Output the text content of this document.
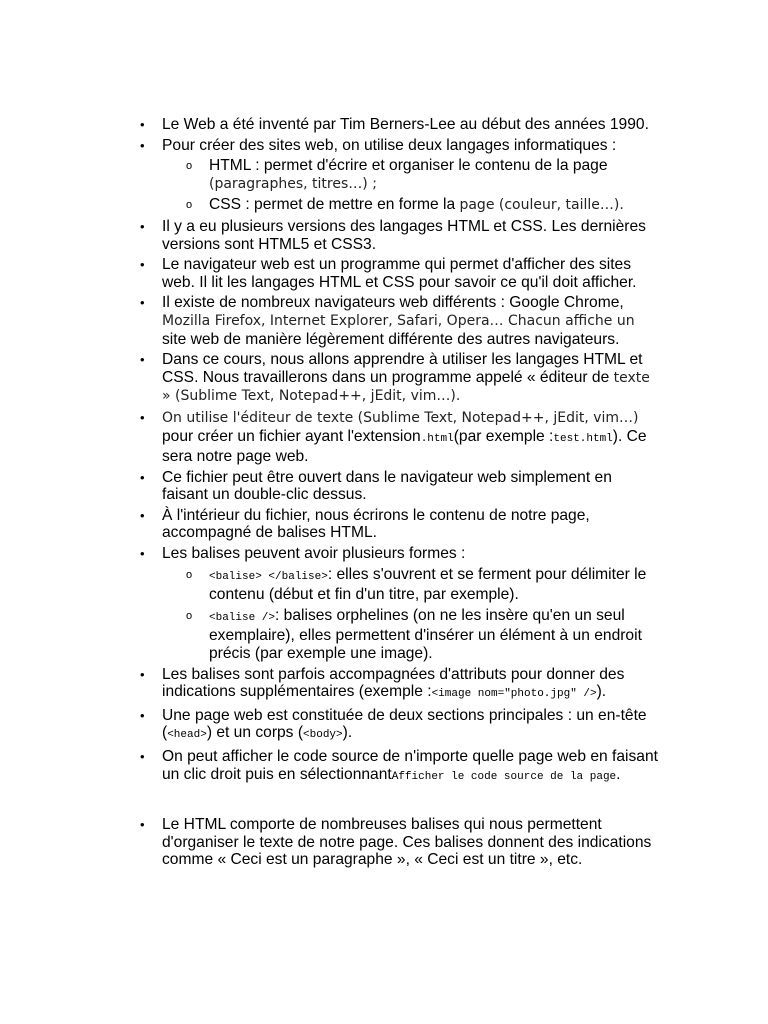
• Le Web a été inventé par Tim Berners-Lee au début des années 1990.
• Pour créer des sites web, on utilise deux langages informatiques :
o HTML : permet d'écrire et organiser le contenu de la page (paragraphes, titres…) ;
o CSS : permet de mettre en forme la page (couleur, taille…).
• Il y a eu plusieurs versions des langages HTML et CSS. Les dernières versions sont HTML5 et CSS3.
• Le navigateur web est un programme qui permet d'afficher des sites web. Il lit les langages HTML et CSS pour savoir ce qu'il doit afficher.
• Il existe de nombreux navigateurs web différents : Google Chrome, Mozilla Firefox, Internet Explorer, Safari, Opera… Chacun affiche un site web de manière légèrement différente des autres navigateurs.
• Dans ce cours, nous allons apprendre à utiliser les langages HTML et CSS. Nous travaillerons dans un programme appelé « éditeur de texte » (Sublime Text, Notepad++, jEdit, vim…).
• On utilise l'éditeur de texte (Sublime Text, Notepad++, jEdit, vim…) pour créer un fichier ayant l'extension.html(par exemple :test.html). Ce sera notre page web.
• Ce fichier peut être ouvert dans le navigateur web simplement en faisant un double-clic dessus.
• À l'intérieur du fichier, nous écrirons le contenu de notre page, accompagné de balises HTML.
• Les balises peuvent avoir plusieurs formes :
o <balise> </balise>: elles s'ouvrent et se ferment pour délimiter le contenu (début et fin d'un titre, par exemple).
o <balise />: balises orphelines (on ne les insère qu'en un seul exemplaire), elles permettent d'insérer un élément à un endroit précis (par exemple une image).
• Les balises sont parfois accompagnées d'attributs pour donner des indications supplémentaires (exemple :<image nom="photo.jpg" />).
• Une page web est constituée de deux sections principales : un en-tête (<head>) et un corps (<body>).
• On peut afficher le code source de n'importe quelle page web en faisant un clic droit puis en sélectionnantAfficher le code source de la page.
• Le HTML comporte de nombreuses balises qui nous permettent d'organiser le texte de notre page. Ces balises donnent des indications comme « Ceci est un paragraphe », « Ceci est un titre », etc.
